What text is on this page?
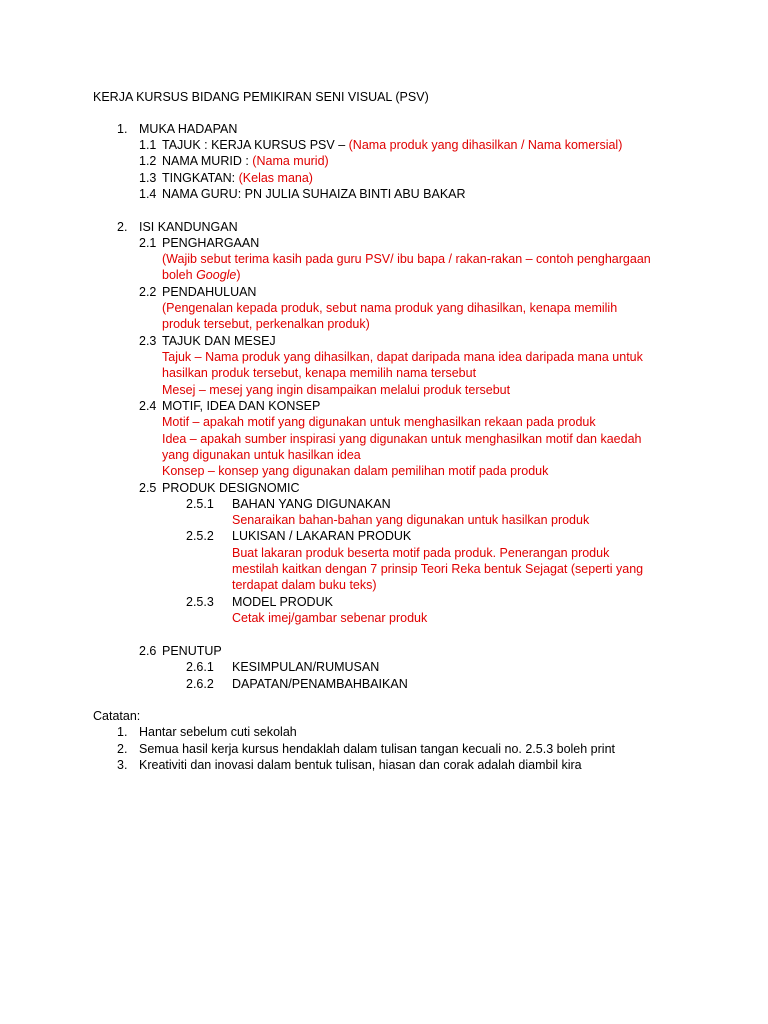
KERJA KURSUS BIDANG PEMIKIRAN SENI VISUAL (PSV)
1. MUKA HADAPAN
1.1 TAJUK : KERJA KURSUS PSV – (Nama produk yang dihasilkan / Nama komersial)
1.2 NAMA MURID : (Nama murid)
1.3 TINGKATAN: (Kelas mana)
1.4 NAMA GURU: PN JULIA SUHAIZA BINTI ABU BAKAR
2. ISI KANDUNGAN
2.1 PENGHARGAAN
(Wajib sebut terima kasih pada guru PSV/ ibu bapa / rakan-rakan – contoh penghargaan
boleh Google)
2.2 PENDAHULUAN
(Pengenalan kepada produk, sebut nama produk yang dihasilkan, kenapa memilih
produk tersebut, perkenalkan produk)
2.3 TAJUK DAN MESEJ
Tajuk – Nama produk yang dihasilkan, dapat daripada mana idea daripada mana untuk
hasilkan produk tersebut, kenapa memilih nama tersebut
Mesej – mesej yang ingin disampaikan melalui produk tersebut
2.4 MOTIF, IDEA DAN KONSEP
Motif – apakah motif yang digunakan untuk menghasilkan rekaan pada produk
Idea – apakah sumber inspirasi yang digunakan untuk menghasilkan motif dan kaedah
yang digunakan untuk hasilkan idea
Konsep – konsep yang digunakan dalam pemilihan motif pada produk
2.5 PRODUK DESIGNOMIC
2.5.1 BAHAN YANG DIGUNAKAN
Senaraikan bahan-bahan yang digunakan untuk hasilkan produk
2.5.2 LUKISAN / LAKARAN PRODUK
Buat lakaran produk beserta motif pada produk. Penerangan produk
mestilah kaitkan dengan 7 prinsip Teori Reka bentuk Sejagat (seperti yang
terdapat dalam buku teks)
2.5.3 MODEL PRODUK
Cetak imej/gambar sebenar produk
2.6 PENUTUP
2.6.1 KESIMPULAN/RUMUSAN
2.6.2 DAPATAN/PENAMBAHBAIKAN
Catatan:
1. Hantar sebelum cuti sekolah
2. Semua hasil kerja kursus hendaklah dalam tulisan tangan kecuali no. 2.5.3 boleh print
3. Kreativiti dan inovasi dalam bentuk tulisan, hiasan dan corak adalah diambil kira
